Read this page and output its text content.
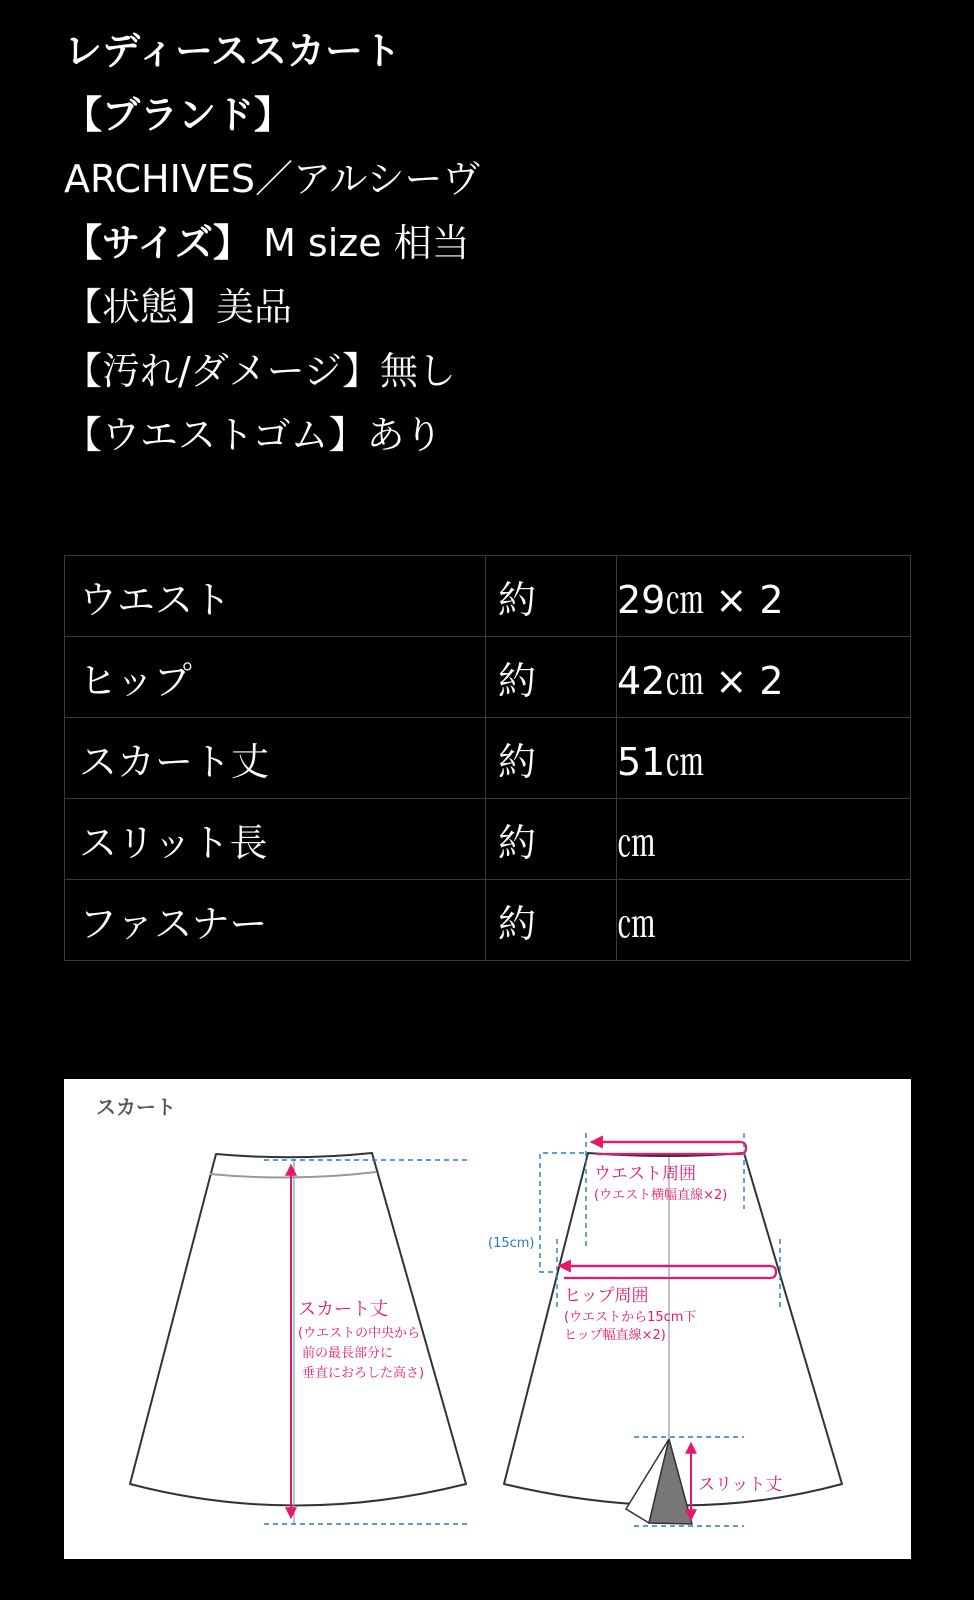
レディーススカート
【ブランド】
ARCHIVES／アルシーヴ
【サイズ】 M size 相当
【状態】美品
【汚れ/ダメージ】無し
【ウエストゴム】あり
ウエスト	約	29㎝ × 2
ヒップ	約	42㎝ × 2
スカート丈	約	51㎝
スリット長	約	㎝
ファスナー	約	㎝
スカート
スカート丈
(ウエストの中央から
前の最長部分に
垂直におろした高さ)
ウエスト周囲
(ウエスト横幅直線×2)
(15cm)
ヒップ周囲
(ウエストから15cm下
ヒップ幅直線×2)
スリット丈
